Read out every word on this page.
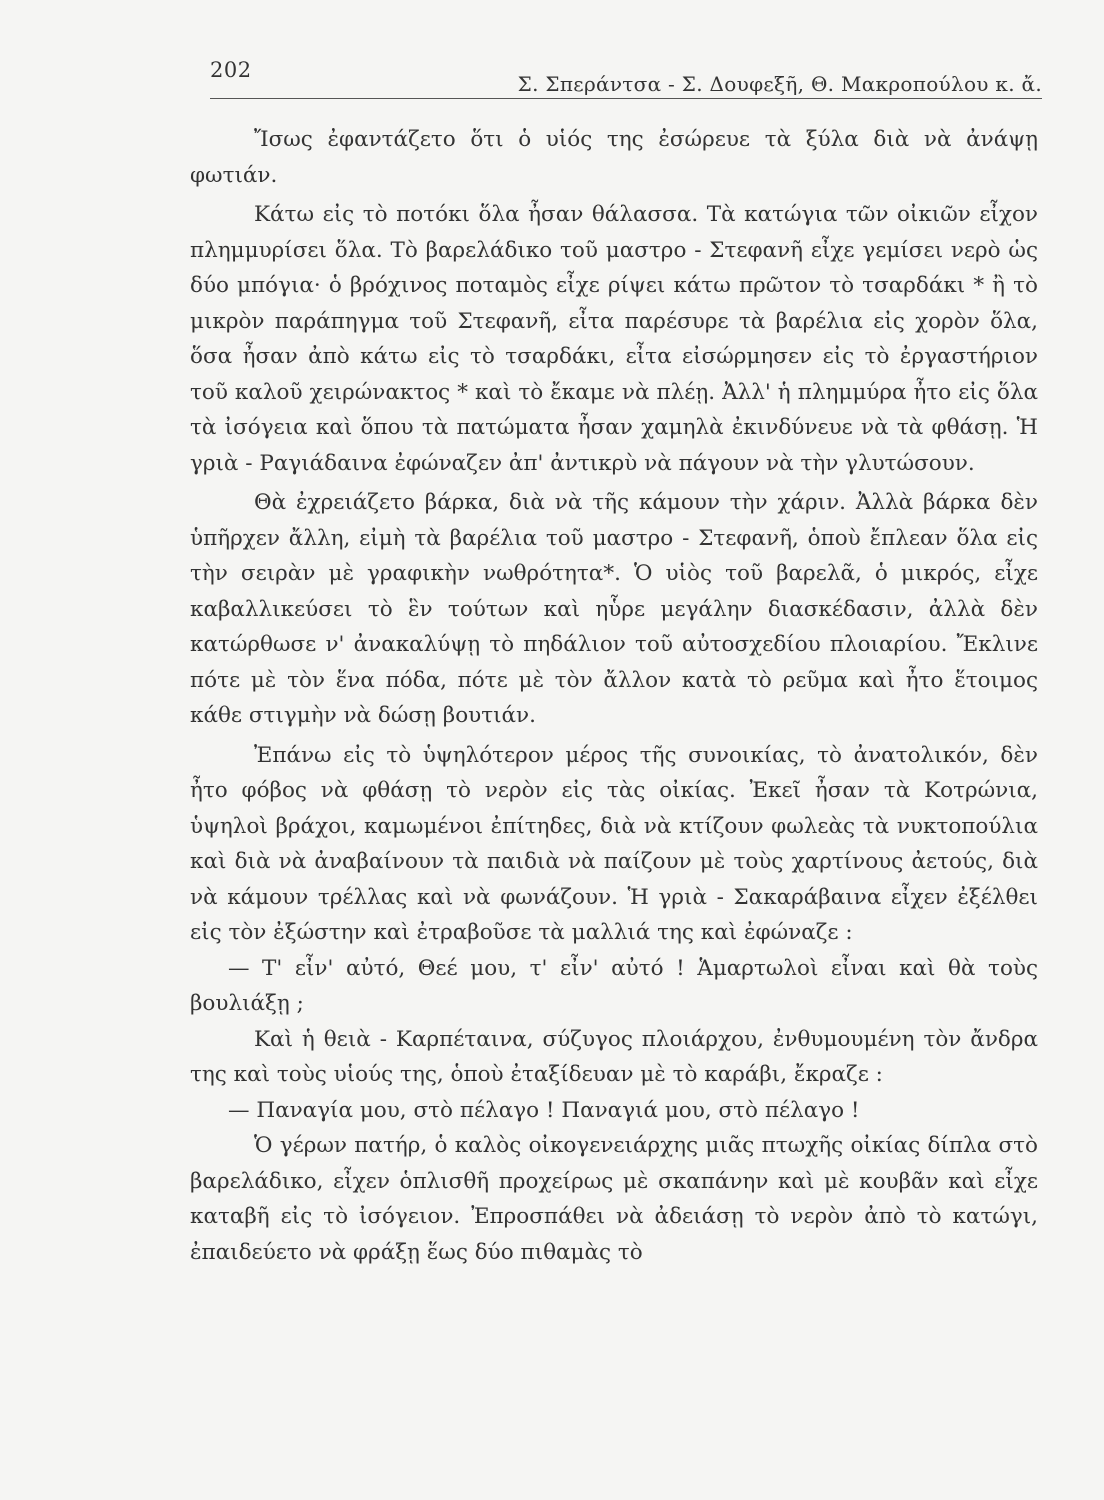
202
Σ. Σπεράντσα - Σ. Δουφεξῆ, Θ. Μακροπούλου κ. ἄ.

Ἴσως ἐφαντάζετο ὅτι ὁ υἱός της ἐσώρευε τὰ ξύλα διὰ νὰ ἀνάψῃ φωτιάν.

Κάτω εἰς τὸ ποτόκι ὅλα ἦσαν θάλασσα. Τὰ κατώγια τῶν οἰκιῶν εἶχον πλημμυρίσει ὅλα. Τὸ βαρελάδικο τοῦ μαστρο - Στεφανῆ εἶχε γεμίσει νερὸ ὡς δύο μπόγια· ὁ βρόχινος ποταμὸς εἶχε ρίψει κάτω πρῶτον τὸ τσαρδάκι * ἢ τὸ μικρὸν παράπηγμα τοῦ Στεφανῆ, εἶτα παρέσυρε τὰ βαρέλια εἰς χορὸν ὅλα, ὅσα ἦσαν ἀπὸ κάτω εἰς τὸ τσαρδάκι, εἶτα εἰσώρμησεν εἰς τὸ ἐργαστήριον τοῦ καλοῦ χειρώνακτος * καὶ τὸ ἔκαμε νὰ πλέῃ. Ἀλλ' ἡ πλημμύρα ἦτο εἰς ὅλα τὰ ἰσόγεια καὶ ὅπου τὰ πατώματα ἦσαν χαμηλὰ ἐκινδύνευε νὰ τὰ φθάσῃ. Ἡ γριὰ - Ραγιάδαινα ἐφώναζεν ἀπ' ἀντικρὺ νὰ πάγουν νὰ τὴν γλυτώσουν.

Θὰ ἐχρειάζετο βάρκα, διὰ νὰ τῆς κάμουν τὴν χάριν. Ἀλλὰ βάρκα δὲν ὑπῆρχεν ἄλλη, εἰμὴ τὰ βαρέλια τοῦ μαστρο - Στεφανῆ, ὁποὺ ἔπλεαν ὅλα εἰς τὴν σειρὰν μὲ γραφικὴν νωθρότητα*. Ὁ υἱὸς τοῦ βαρελᾶ, ὁ μικρός, εἶχε καβαλλικεύσει τὸ ἓν τούτων καὶ ηὗρε μεγάλην διασκέδασιν, ἀλλὰ δὲν κατώρθωσε ν' ἀνακαλύψῃ τὸ πηδάλιον τοῦ αὐτοσχεδίου πλοιαρίου. Ἔκλινε πότε μὲ τὸν ἕνα πόδα, πότε μὲ τὸν ἄλλον κατὰ τὸ ρεῦμα καὶ ἦτο ἕτοιμος κάθε στιγμὴν νὰ δώσῃ βουτιάν.

Ἐπάνω εἰς τὸ ὑψηλότερον μέρος τῆς συνοικίας, τὸ ἀνατολικόν, δὲν ἦτο φόβος νὰ φθάσῃ τὸ νερὸν εἰς τὰς οἰκίας. Ἐκεῖ ἦσαν τὰ Κοτρώνια, ὑψηλοὶ βράχοι, καμωμένοι ἐπίτηδες, διὰ νὰ κτίζουν φωλεὰς τὰ νυκτοπούλια καὶ διὰ νὰ ἀναβαίνουν τὰ παιδιὰ νὰ παίζουν μὲ τοὺς χαρτίνους ἀετούς, διὰ νὰ κάμουν τρέλλας καὶ νὰ φωνάζουν. Ἡ γριὰ - Σακαράβαινα εἶχεν ἐξέλθει εἰς τὸν ἐξώστην καὶ ἐτραβοῦσε τὰ μαλλιά της καὶ ἐφώναζε :

— Τ' εἶν' αὐτό, Θεέ μου, τ' εἶν' αὐτό ! Ἁμαρτωλοὶ εἶναι καὶ θὰ τοὺς βουλιάξῃ ;

Καὶ ἡ θειὰ - Καρπέταινα, σύζυγος πλοιάρχου, ἐνθυμουμένη τὸν ἄνδρα της καὶ τοὺς υἱούς της, ὁποὺ ἐταξίδευαν μὲ τὸ καράβι, ἔκραζε :

— Παναγία μου, στὸ πέλαγο ! Παναγιά μου, στὸ πέλαγο !

Ὁ γέρων πατήρ, ὁ καλὸς οἰκογενειάρχης μιᾶς πτωχῆς οἰκίας δίπλα στὸ βαρελάδικο, εἶχεν ὁπλισθῆ προχείρως μὲ σκαπάνην καὶ μὲ κουβᾶν καὶ εἶχε καταβῆ εἰς τὸ ἰσόγειον. Ἐπροσπάθει νὰ ἀδειάσῃ τὸ νερὸν ἀπὸ τὸ κατώγι, ἐπαιδεύετο νὰ φράξῃ ἕως δύο πιθαμὰς τὸ
